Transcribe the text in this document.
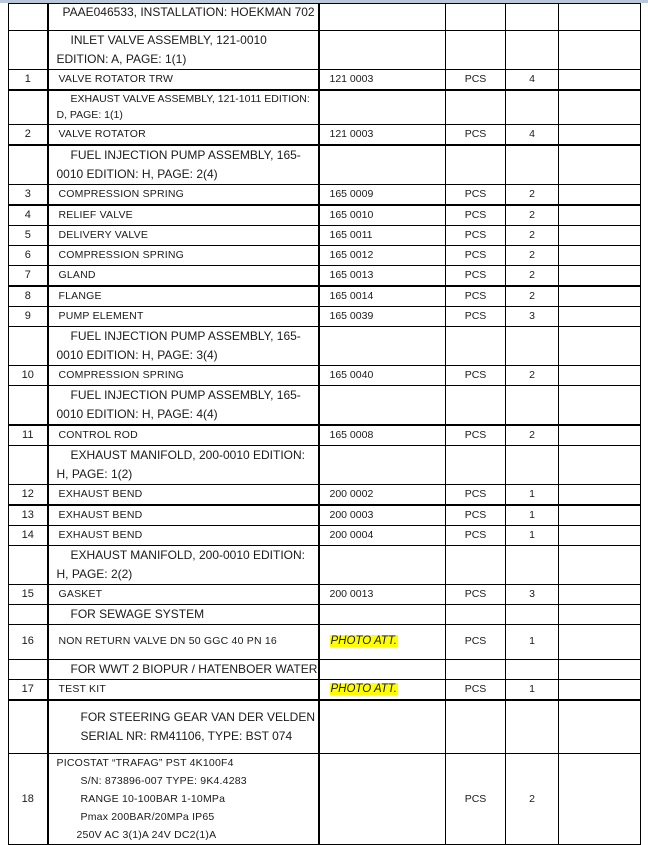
	PAAE046533, INSTALLATION: HOEKMAN 702				

	INLET VALVE ASSEMBLY, 121-0010
EDITION: A, PAGE: 1(1)				

1	VALVE ROTATOR TRW	121 0003	PCS	4	

	EXHAUST VALVE ASSEMBLY, 121-1011 EDITION:
D, PAGE: 1(1)				

2	VALVE ROTATOR	121 0003	PCS	4	

	FUEL INJECTION PUMP ASSEMBLY, 165-
0010 EDITION: H, PAGE: 2(4)				

3	COMPRESSION SPRING	165 0009	PCS	2	
4	RELIEF VALVE	165 0010	PCS	2	
5	DELIVERY VALVE	165 0011	PCS	2	
6	COMPRESSION SPRING	165 0012	PCS	2	
7	GLAND	165 0013	PCS	2	
8	FLANGE	165 0014	PCS	2	
9	PUMP ELEMENT	165 0039	PCS	3	

	FUEL INJECTION PUMP ASSEMBLY, 165-
0010 EDITION: H, PAGE: 3(4)				

10	COMPRESSION SPRING	165 0040	PCS	2	

	FUEL INJECTION PUMP ASSEMBLY, 165-
0010 EDITION: H, PAGE: 4(4)				

11	CONTROL ROD	165 0008	PCS	2	

	EXHAUST MANIFOLD, 200-0010 EDITION:
H, PAGE: 1(2)				

12	EXHAUST BEND	200 0002	PCS	1	
13	EXHAUST BEND	200 0003	PCS	1	
14	EXHAUST BEND	200 0004	PCS	1	

	EXHAUST MANIFOLD, 200-0010 EDITION:
H, PAGE: 2(2)				

15	GASKET	200 0013	PCS	3	

	FOR SEWAGE SYSTEM				

16	NON RETURN VALVE DN 50 GGC 40 PN 16	PHOTO ATT.	PCS	1	

	FOR WWT 2 BIOPUR / HATENBOER WATER				

17	TEST KIT	PHOTO ATT.	PCS	1	

	FOR STEERING GEAR VAN DER VELDEN
SERIAL NR: RM41106, TYPE: BST 074				

18	PICOSTAT “TRAFAG” PST 4K100F4
S/N: 873896-007 TYPE: 9K4.4283
RANGE 10-100BAR 1-10MPa
Pmax 200BAR/20MPa IP65
250V AC 3(1)A 24V DC2(1)A		PCS	2	
